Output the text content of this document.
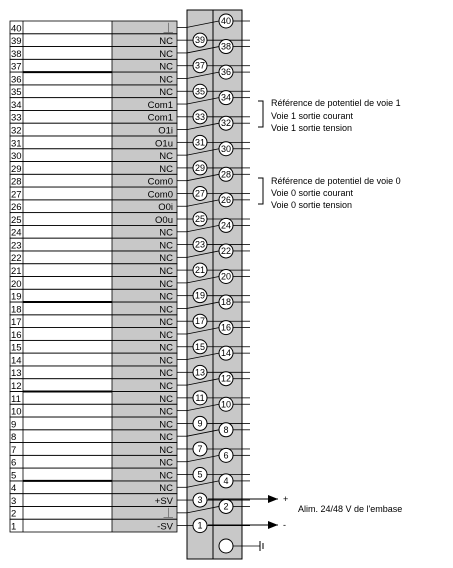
40	⏊
39	NC
38	NC
37	NC
36	NC
35	NC
34	Com1
33	Com1
32	O1i
31	O1u
30	NC
29	NC
28	Com0
27	Com0
26	O0i
25	O0u
24	NC
23	NC
22	NC
21	NC
20	NC
19	NC
18	NC
17	NC
16	NC
15	NC
14	NC
13	NC
12	NC
11	NC
10	NC
9	NC
8	NC
7	NC
6	NC
5	NC
4	NC
3	+SV
2	⏊
1	-SV
40
39
38
37
36
35
34
33
32
31
30
29
28
27
26
25
24
23
22
21
20
19
18
17
16
15
14
13
12
11
10
9
8
7
6
5
4
3
2
1
Référence de potentiel de voie 1
Voie 1 sortie courant
Voie 1 sortie tension
Référence de potentiel de voie 0
Voie 0 sortie courant
Voie 0 sortie tension
+
Alim. 24/48 V de l'embase
-
